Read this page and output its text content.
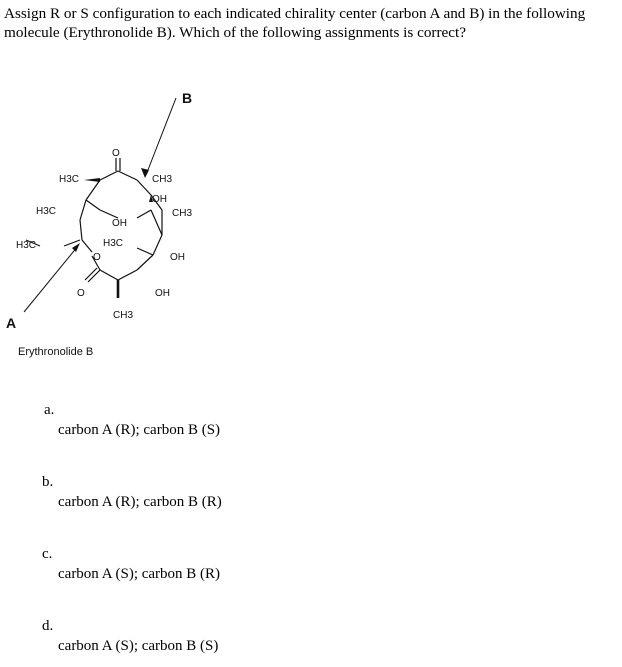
Assign R or S configuration to each indicated chirality center (carbon A and B) in the following molecule (Erythronolide B). Which of the following assignments is correct?
B
A
H3C
H3C
H3C	H3C
O
O
O
CH3
OH
CH3
OH
OH
OH
CH3
Erythronolide B
a.
carbon A (R); carbon B (S)
b.
carbon A (R); carbon B (R)
c.
carbon A (S); carbon B (R)
d.
carbon A (S); carbon B (S)
